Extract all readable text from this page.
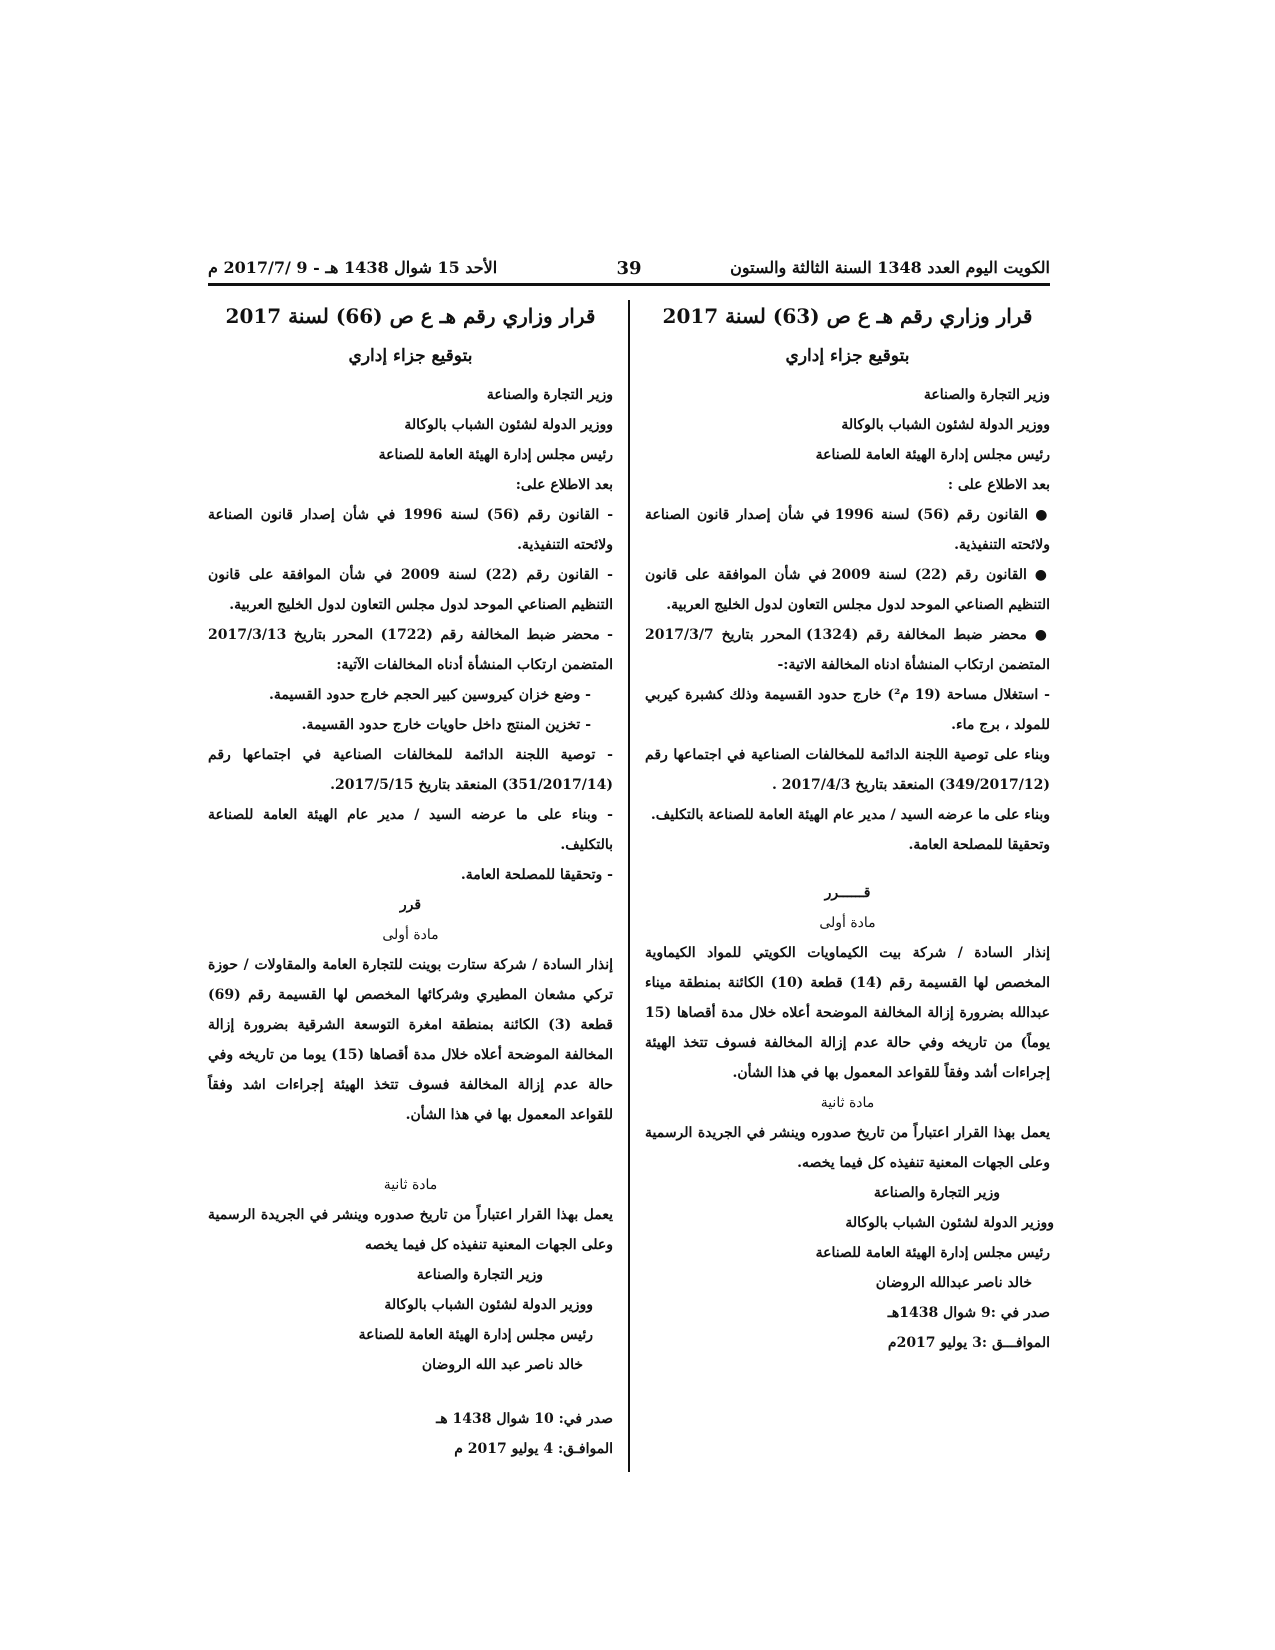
الكويت اليوم العدد 1348 السنة الثالثة والستون
39
الأحد 15 شوال 1438 هـ - 9 /2017/7 م

قرار وزاري رقم هـ ع ص (63) لسنة 2017

بتوقيع جزاء إداري

وزير التجارة والصناعة

ووزير الدولة لشئون الشباب بالوكالة

رئيس مجلس إدارة الهيئة العامة للصناعة

بعد الاطلاع على :

● القانون رقم (56) لسنة 1996 في شأن إصدار قانون الصناعة ولائحته التنفيذية.

● القانون رقم (22) لسنة 2009 في شأن الموافقة على قانون التنظيم الصناعي الموحد لدول مجلس التعاون لدول الخليج العربية.

● محضر ضبط المخالفة رقم (1324) المحرر بتاريخ 2017/3/7 المتضمن ارتكاب المنشأة ادناه المخالفة الاتية:-

- استغلال مساحة (19 م²) خارج حدود القسيمة وذلك كشبرة كيربي للمولد ، برج ماء.

وبناء على توصية اللجنة الدائمة للمخالفات الصناعية في اجتماعها رقم (349/2017/12) المنعقد بتاريخ 2017/4/3 .

وبناء على ما عرضه السيد / مدير عام الهيئة العامة للصناعة بالتكليف.

وتحقيقا للمصلحة العامة.

قــــــرر

مادة أولى

إنذار السادة / شركة بيت الكيماويات الكويتي للمواد الكيماوية المخصص لها القسيمة رقم (14) قطعة (10) الكائنة بمنطقة ميناء عبدالله بضرورة إزالة المخالفة الموضحة أعلاه خلال مدة أقصاها (15 يوماً) من تاريخه وفي حالة عدم إزالة المخالفة فسوف تتخذ الهيئة إجراءات أشد وفقاً للقواعد المعمول بها في هذا الشأن.

مادة ثانية

يعمل بهذا القرار اعتباراً من تاريخ صدوره وينشر في الجريدة الرسمية وعلى الجهات المعنية تنفيذه كل فيما يخصه.

وزير التجارة والصناعة

ووزير الدولة لشئون الشباب بالوكالة

رئيس مجلس إدارة الهيئة العامة للصناعة

خالد ناصر عبدالله الروضان

صدر في :9 شوال 1438هـ

الموافـــق :3 يوليو 2017م

قرار وزاري رقم هـ ع ص (66) لسنة 2017

بتوقيع جزاء إداري

وزير التجارة والصناعة

ووزير الدولة لشئون الشباب بالوكالة

رئيس مجلس إدارة الهيئة العامة للصناعة

بعد الاطلاع على:

- القانون رقم (56) لسنة 1996 في شأن إصدار قانون الصناعة ولائحته التنفيذية.

- القانون رقم (22) لسنة 2009 في شأن الموافقة على قانون التنظيم الصناعي الموحد لدول مجلس التعاون لدول الخليج العربية.

- محضر ضبط المخالفة رقم (1722) المحرر بتاريخ 2017/3/13 المتضمن ارتكاب المنشأة أدناه المخالفات الآتية:

- وضع خزان كيروسين كبير الحجم خارج حدود القسيمة.

- تخزين المنتج داخل حاويات خارج حدود القسيمة.

- توصية اللجنة الدائمة للمخالفات الصناعية في اجتماعها رقم (351/2017/14) المنعقد بتاريخ 2017/5/15.

- وبناء على ما عرضه السيد / مدير عام الهيئة العامة للصناعة بالتكليف.

- وتحقيقا للمصلحة العامة.

قرر

مادة أولى

إنذار السادة / شركة ستارت بوينت للتجارة العامة والمقاولات / حوزة تركي مشعان المطيري وشركائها المخصص لها القسيمة رقم (69) قطعة (3) الكائنة بمنطقة امغرة التوسعة الشرقية بضرورة إزالة المخالفة الموضحة أعلاه خلال مدة أقصاها (15) يوما من تاريخه وفي حالة عدم إزالة المخالفة فسوف تتخذ الهيئة إجراءات اشد وفقاً للقواعد المعمول بها في هذا الشأن.

مادة ثانية

يعمل بهذا القرار اعتباراً من تاريخ صدوره وينشر في الجريدة الرسمية وعلى الجهات المعنية تنفيذه كل فيما يخصه

وزير التجارة والصناعة

ووزير الدولة لشئون الشباب بالوكالة

رئيس مجلس إدارة الهيئة العامة للصناعة

خالد ناصر عبد الله الروضان

صدر في: 10 شوال 1438 هـ

الموافـق: 4 يوليو 2017 م
